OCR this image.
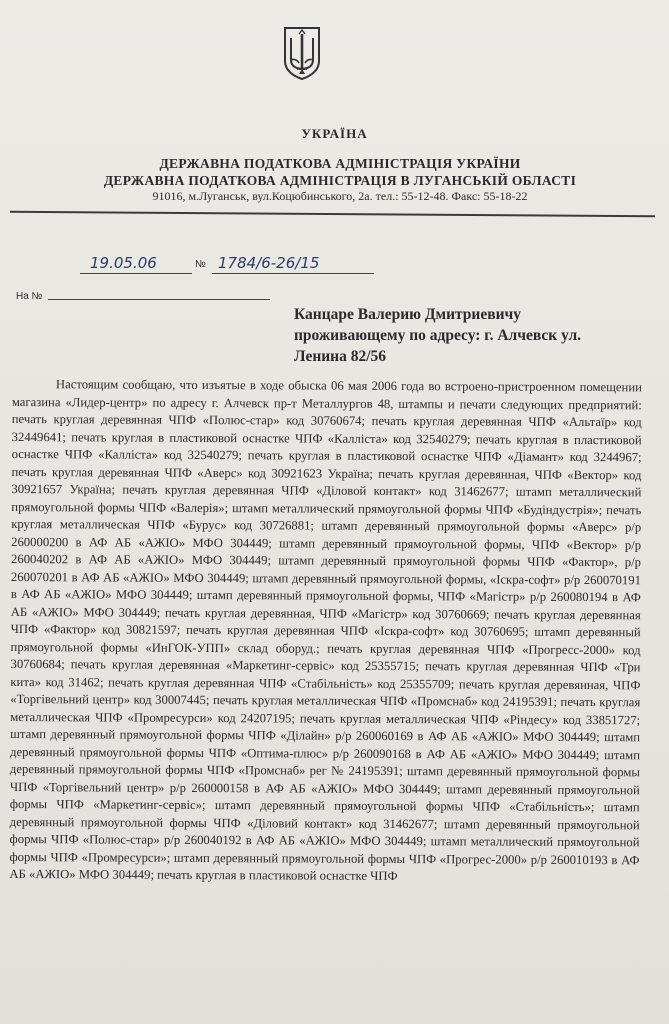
УКРАЇНА
ДЕРЖАВНА ПОДАТКОВА АДМІНІСТРАЦІЯ УКРАЇНИ
ДЕРЖАВНА ПОДАТКОВА АДМІНІСТРАЦІЯ В ЛУГАНСЬКІЙ ОБЛАСТІ
91016, м.Луганськ, вул.Коцюбинського, 2а. тел.: 55-12-48. Факс: 55-18-22
19.05.06	№ 1784/6-26/15
На №
Канцаре Валерию Дмитриевичу
проживающему по адресу: г. Алчевск ул.
Ленина 82/56
Настоящим сообщаю, что изъятые в ходе обыска 06 мая 2006 года во встроено-пристроенном помещении магазина «Лидер-центр» по адресу г. Алчевск пр-т Металлургов 48, штампы и печати следующих предприятий: печать круглая деревянная ЧПФ «Полюс-стар» код 30760674; печать круглая деревянная ЧПФ «Альтаїр» код 32449641; печать круглая в пластиковой оснастке ЧПФ «Калліста» код 32540279; печать круглая в пластиковой оснастке ЧПФ «Калліста» код 32540279; печать круглая в пластиковой оснастке ЧПФ «Діамант» код 3244967; печать круглая деревянная ЧПФ «Аверс» код 30921623 Україна; печать круглая деревянная, ЧПФ «Вектор» код 30921657 Україна; печать круглая деревянная ЧПФ «Діловой контакт» код 31462677; штамп металлический прямоугольной формы ЧПФ «Валерія»; штамп металлический прямоугольной формы ЧПФ «Будіндустрія»; печать круглая металлическая ЧПФ «Бурус» код 30726881; штамп деревянный прямоугольной формы «Аверс» р/р 260000200 в АФ АБ «АЖІО» МФО 304449; штамп деревянный прямоугольной формы, ЧПФ «Вектор» р/р 260040202 в АФ АБ «АЖІО» МФО 304449; штамп деревянный прямоугольной формы ЧПФ «Фактор», р/р 260070201 в АФ АБ «АЖІО» МФО 304449; штамп деревянный прямоугольной формы, «Іскра-софт» р/р 260070191 в АФ АБ «АЖІО» МФО 304449; штамп деревянный прямоугольной формы, ЧПФ «Магістр» р/р 260080194 в АФ АБ «АЖІО» МФО 304449; печать круглая деревянная, ЧПФ «Магістр» код 30760669; печать круглая деревянная ЧПФ «Фактор» код 30821597; печать круглая деревянная ЧПФ «Іскра-софт» код 30760695; штамп деревянный прямоугольной формы «ИнГОК-УПП» склад оборуд.; печать круглая деревянная ЧПФ «Прогресс-2000» код 30760684; печать круглая деревянная «Маркетинг-сервіс» код 25355715; печать круглая деревянная ЧПФ «Три кита» код 31462; печать круглая деревянная ЧПФ «Стабільність» код 25355709; печать круглая деревянная, ЧПФ «Торгівельний центр» код 30007445; печать круглая металлическая ЧПФ «Промснаб» код 24195391; печать круглая металлическая ЧПФ «Промресурси» код 24207195; печать круглая металлическая ЧПФ «Ріндесу» код 33851727; штамп деревянный прямоугольной формы ЧПФ «Ділайн» р/р 260060169 в АФ АБ «АЖІО» МФО 304449; штамп деревянный прямоугольной формы ЧПФ «Оптима-плюс» р/р 260090168 в АФ АБ «АЖІО» МФО 304449; штамп деревянный прямоугольной формы ЧПФ «Промснаб» рег № 24195391; штамп деревянный прямоугольной формы ЧПФ «Торгівельний центр» р/р 260000158 в АФ АБ «АЖІО» МФО 304449; штамп деревянный прямоугольной формы ЧПФ «Маркетинг-сервіс»; штамп деревянный прямоугольной формы ЧПФ «Стабільність»; штамп деревянный прямоугольной формы ЧПФ «Діловий контакт» код 31462677; штамп деревянный прямоугольной формы ЧПФ «Полюс-стар» р/р 260040192 в АФ АБ «АЖІО» МФО 304449; штамп металлический прямоугольной формы ЧПФ «Промресурси»; штамп деревянный прямоугольной формы ЧПФ «Прогрес-2000» р/р 260010193 в АФ АБ «АЖІО» МФО 304449; печать круглая в пластиковой оснастке ЧПФ
